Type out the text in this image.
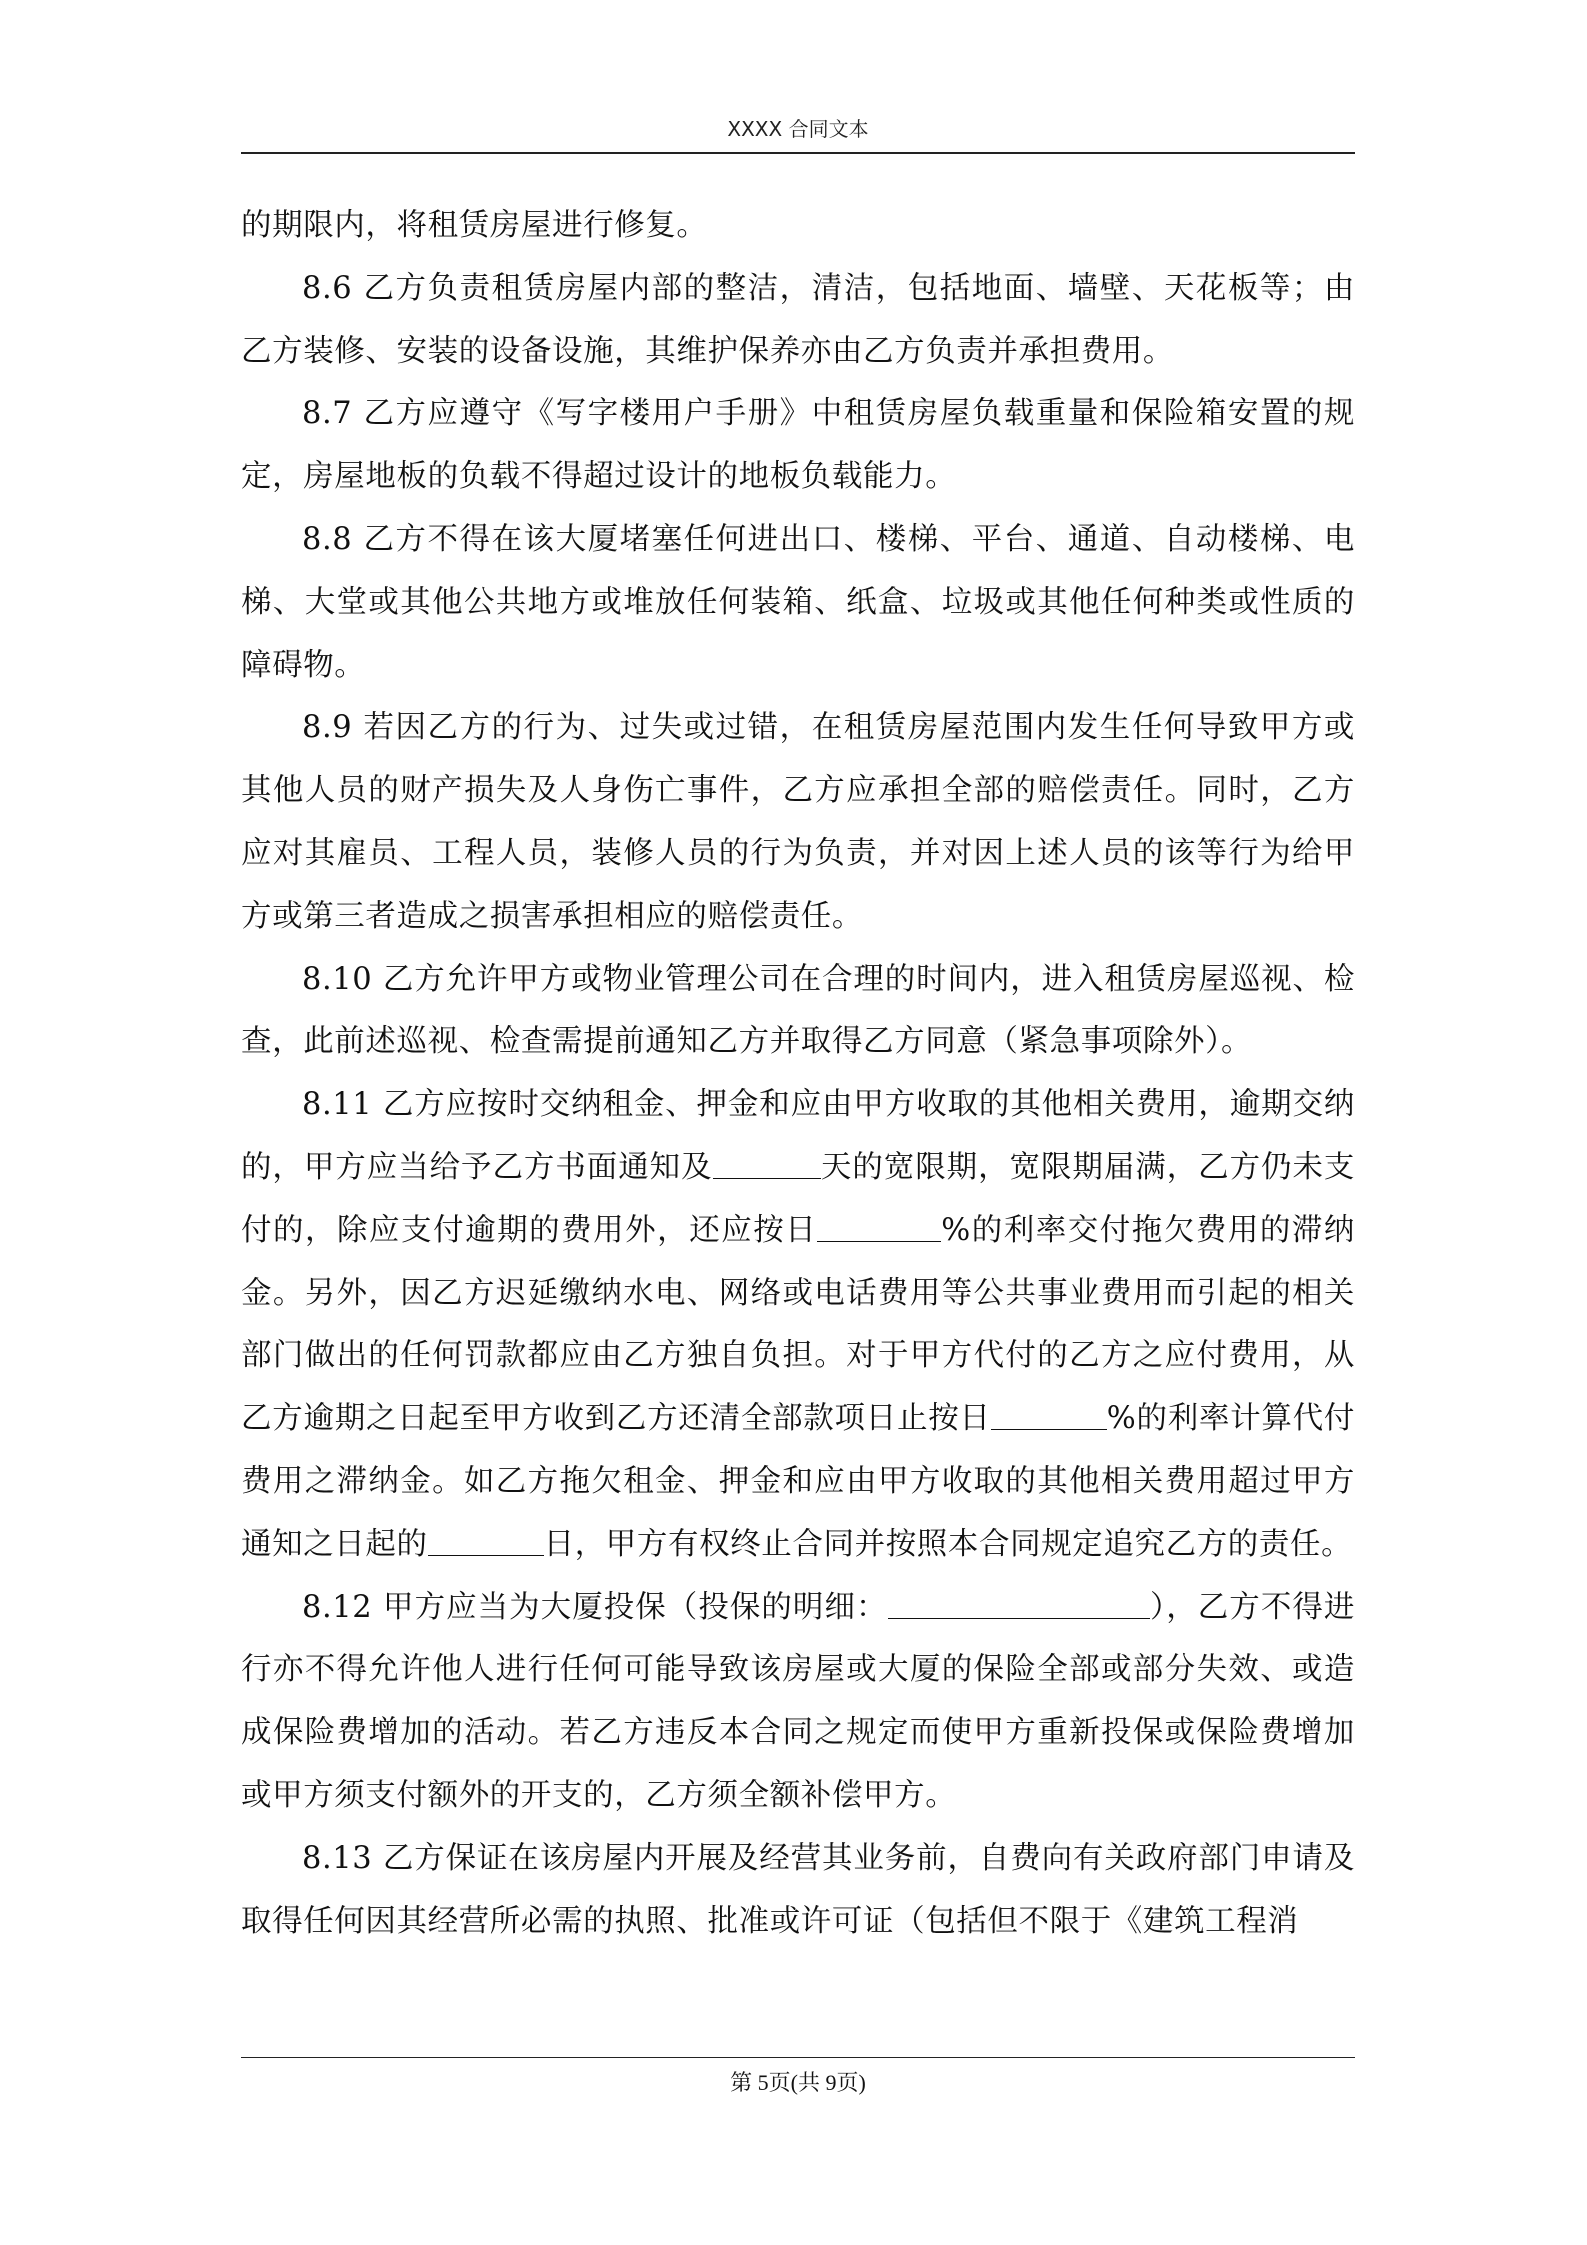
XXXX 合同文本

的期限内，将租赁房屋进行修复。

8.6 乙方负责租赁房屋内部的整洁，清洁，包括地面、墙壁、天花板等；由乙方装修、安装的设备设施，其维护保养亦由乙方负责并承担费用。

8.7 乙方应遵守《写字楼用户手册》中租赁房屋负载重量和保险箱安置的规定，房屋地板的负载不得超过设计的地板负载能力。

8.8 乙方不得在该大厦堵塞任何进出口、楼梯、平台、通道、自动楼梯、电梯、大堂或其他公共地方或堆放任何装箱、纸盒、垃圾或其他任何种类或性质的障碍物。

8.9 若因乙方的行为、过失或过错，在租赁房屋范围内发生任何导致甲方或其他人员的财产损失及人身伤亡事件，乙方应承担全部的赔偿责任。同时，乙方应对其雇员、工程人员，装修人员的行为负责，并对因上述人员的该等行为给甲方或第三者造成之损害承担相应的赔偿责任。

8.10 乙方允许甲方或物业管理公司在合理的时间内，进入租赁房屋巡视、检查，此前述巡视、检查需提前通知乙方并取得乙方同意（紧急事项除外）。

8.11 乙方应按时交纳租金、押金和应由甲方收取的其他相关费用，逾期交纳的，甲方应当给予乙方书面通知及	天的宽限期，宽限期届满，乙方仍未支付的，除应支付逾期的费用外，还应按日	%的利率交付拖欠费用的滞纳金。另外，因乙方迟延缴纳水电、网络或电话费用等公共事业费用而引起的相关部门做出的任何罚款都应由乙方独自负担。对于甲方代付的乙方之应付费用，从乙方逾期之日起至甲方收到乙方还清全部款项日止按日	%的利率计算代付费用之滞纳金。如乙方拖欠租金、押金和应由甲方收取的其他相关费用超过甲方通知之日起的	日，甲方有权终止合同并按照本合同规定追究乙方的责任。

8.12 甲方应当为大厦投保（投保的明细：	），乙方不得进行亦不得允许他人进行任何可能导致该房屋或大厦的保险全部或部分失效、或造成保险费增加的活动。若乙方违反本合同之规定而使甲方重新投保或保险费增加或甲方须支付额外的开支的，乙方须全额补偿甲方。

8.13 乙方保证在该房屋内开展及经营其业务前，自费向有关政府部门申请及取得任何因其经营所必需的执照、批准或许可证（包括但不限于《建筑工程消

第 5页(共 9页)
